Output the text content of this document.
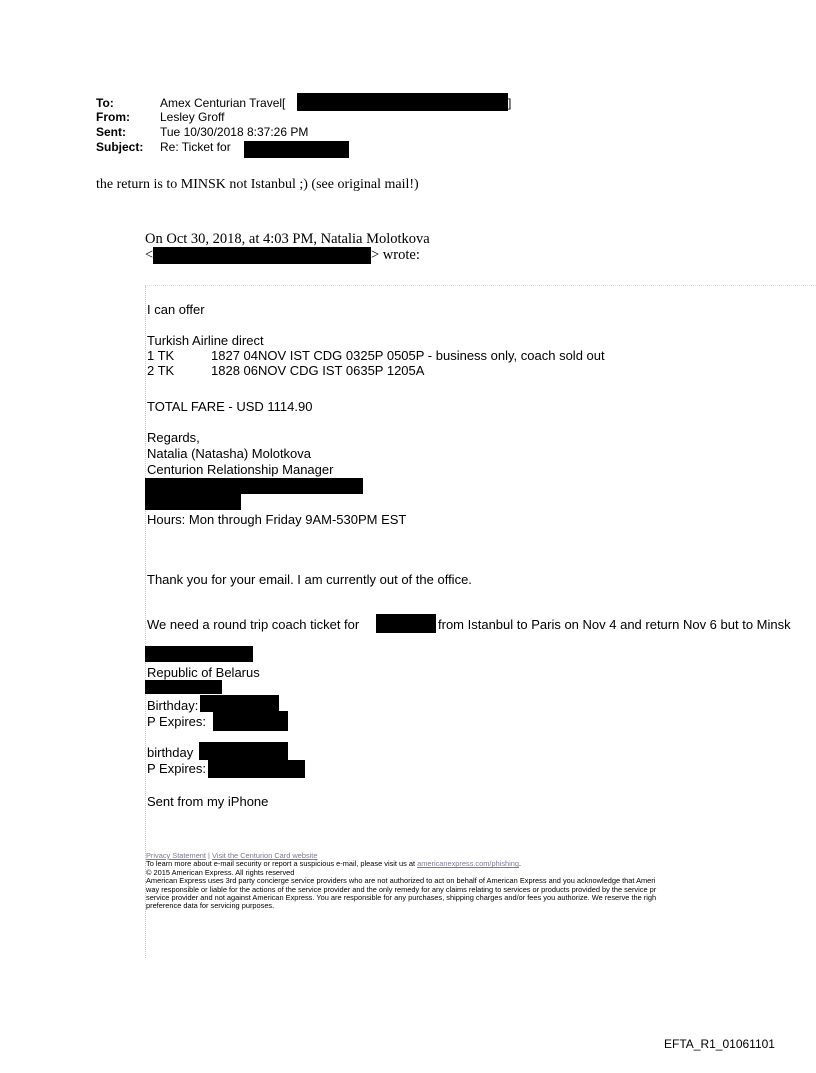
To:	Amex Centurian Travel[	]
From:	Lesley Groff
Sent:	Tue 10/30/2018 8:37:26 PM
Subject: Re: Ticket for
the return is to MINSK not Istanbul ;) (see original mail!)
On Oct 30, 2018, at 4:03 PM, Natalia Molotkova
<	> wrote:
I can offer
Turkish Airline direct
1 TK	1827 04NOV IST CDG 0325P 0505P - business only, coach sold out
2 TK	1828 06NOV CDG IST 0635P 1205A
TOTAL FARE - USD 1114.90
Regards,
Natalia (Natasha) Molotkova
Centurion Relationship Manager
Hours: Mon through Friday 9AM-530PM EST
Thank you for your email. I am currently out of the office.
We need a round trip coach ticket for	from Istanbul to Paris on Nov 4 and return Nov 6 but to Minsk
Republic of Belarus
Birthday:
P Expires:
birthday
P Expires:
Sent from my iPhone
Privacy Statement | Visit the Centurion Card website
To learn more about e-mail security or report a suspicious e-mail, please visit us at americanexpress.com/phishing.
© 2015 American Express. All rights reserved
American Express uses 3rd party concierge service providers who are not authorized to act on behalf of American Express and you acknowledge that Ameri
way responsible or liable for the actions of the service provider and the only remedy for any claims relating to services or products provided by the service pr
service provider and not against American Express. You are responsible for any purchases, shipping charges and/or fees you authorize. We reserve the righ
preference data for servicing purposes.
EFTA_R1_01061101
